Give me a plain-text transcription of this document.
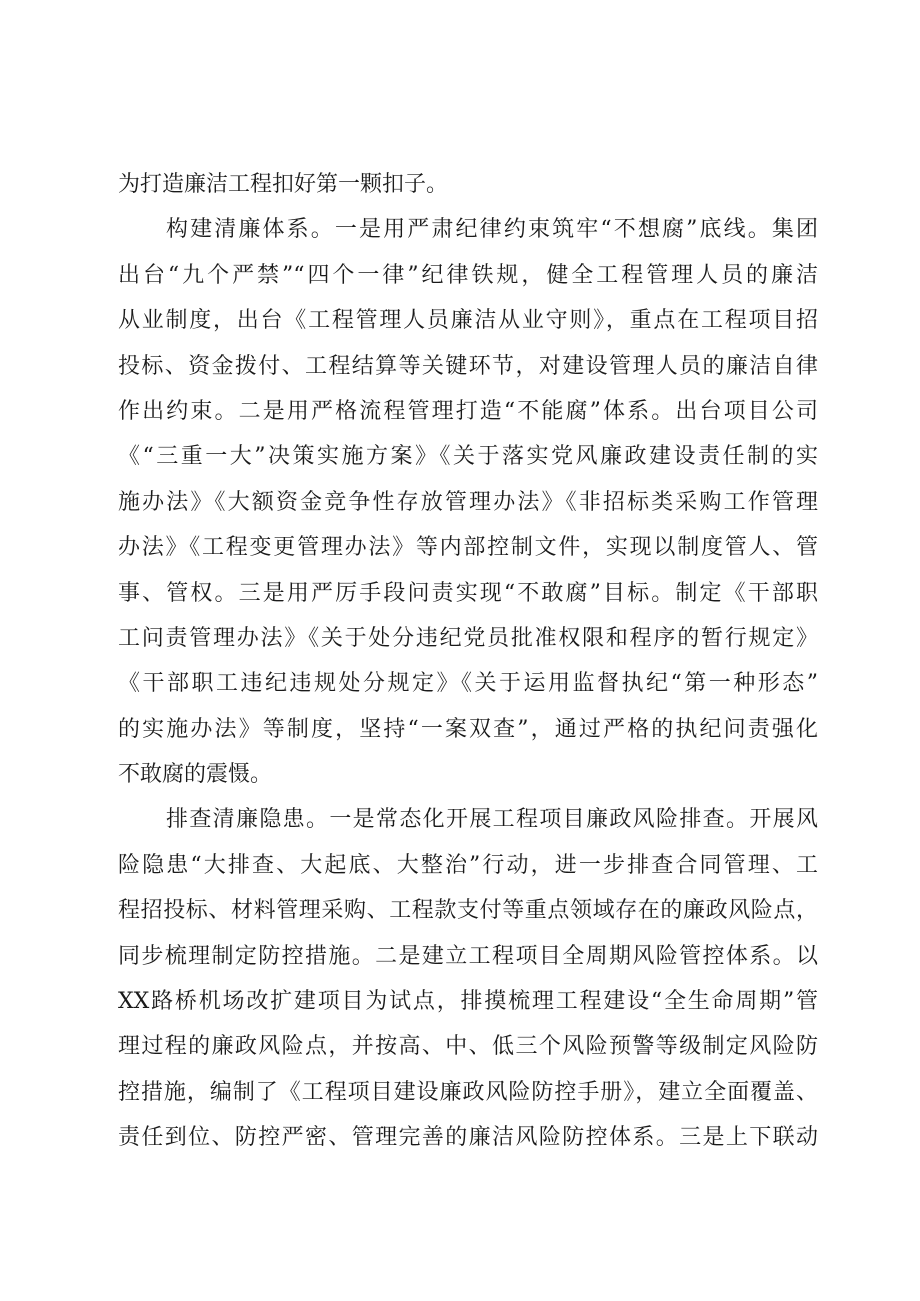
为打造廉洁工程扣好第一颗扣子。
构建清廉体系。一是用严肃纪律约束筑牢“不想腐”底线。集团
出台“九个严禁”“四个一律”纪律铁规，健全工程管理人员的廉洁
从业制度，出台《工程管理人员廉洁从业守则》，重点在工程项目招
投标、资金拨付、工程结算等关键环节，对建设管理人员的廉洁自律
作出约束。二是用严格流程管理打造“不能腐”体系。出台项目公司
《“三重一大”决策实施方案》《关于落实党风廉政建设责任制的实
施办法》《大额资金竞争性存放管理办法》《非招标类采购工作管理
办法》《工程变更管理办法》等内部控制文件，实现以制度管人、管
事、管权。三是用严厉手段问责实现“不敢腐”目标。制定《干部职
工问责管理办法》《关于处分违纪党员批准权限和程序的暂行规定》
《干部职工违纪违规处分规定》《关于运用监督执纪“第一种形态”
的实施办法》等制度，坚持“一案双查”，通过严格的执纪问责强化
不敢腐的震慑。
排查清廉隐患。一是常态化开展工程项目廉政风险排查。开展风
险隐患“大排查、大起底、大整治”行动，进一步排查合同管理、工
程招投标、材料管理采购、工程款支付等重点领域存在的廉政风险点，
同步梳理制定防控措施。二是建立工程项目全周期风险管控体系。以
XX路桥机场改扩建项目为试点，排摸梳理工程建设“全生命周期”管
理过程的廉政风险点，并按高、中、低三个风险预警等级制定风险防
控措施，编制了《工程项目建设廉政风险防控手册》，建立全面覆盖、
责任到位、防控严密、管理完善的廉洁风险防控体系。三是上下联动
